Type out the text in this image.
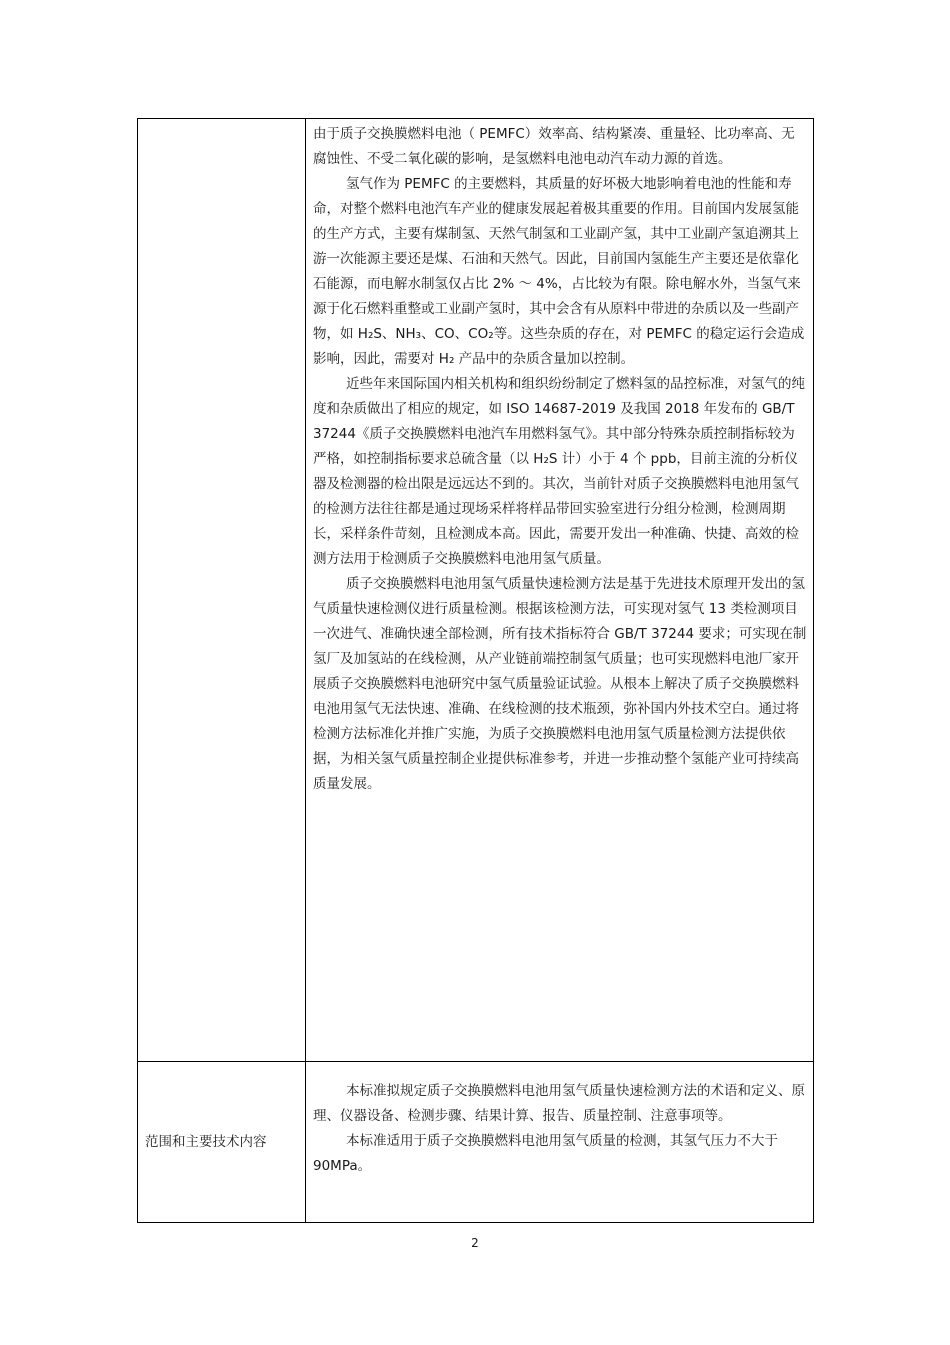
	由于质子交换膜燃料电池（ PEMFC）效率高、结构紧凑、重量轻、比功率高、无腐蚀性、不受二氧化碳的影响，是氢燃料电池电动汽车动力源的首选。

氢气作为 PEMFC 的主要燃料，其质量的好坏极大地影响着电池的性能和寿命，对整个燃料电池汽车产业的健康发展起着极其重要的作用。目前国内发展氢能的生产方式，主要有煤制氢、天然气制氢和工业副产氢，其中工业副产氢追溯其上游一次能源主要还是煤、石油和天然气。因此，目前国内氢能生产主要还是依靠化石能源，而电解水制氢仅占比 2% ～ 4%，占比较为有限。除电解水外，当氢气来源于化石燃料重整或工业副产氢时，其中会含有从原料中带进的杂质以及一些副产物，如 H₂S、NH₃、CO、CO₂等。这些杂质的存在，对 PEMFC 的稳定运行会造成影响，因此，需要对 H₂ 产品中的杂质含量加以控制。

近些年来国际国内相关机构和组织纷纷制定了燃料氢的品控标准，对氢气的纯度和杂质做出了相应的规定，如 ISO 14687-2019 及我国 2018 年发布的 GB/T 37244《质子交换膜燃料电池汽车用燃料氢气》。其中部分特殊杂质控制指标较为严格，如控制指标要求总硫含量（以 H₂S 计）小于 4 个 ppb，目前主流的分析仪器及检测器的检出限是远远达不到的。其次，当前针对质子交换膜燃料电池用氢气的检测方法往往都是通过现场采样将样品带回实验室进行分组分检测，检测周期长，采样条件苛刻，且检测成本高。因此，需要开发出一种准确、快捷、高效的检测方法用于检测质子交换膜燃料电池用氢气质量。

质子交换膜燃料电池用氢气质量快速检测方法是基于先进技术原理开发出的氢气质量快速检测仪进行质量检测。根据该检测方法，可实现对氢气 13 类检测项目一次进气、准确快速全部检测，所有技术指标符合 GB/T 37244 要求；可实现在制氢厂及加氢站的在线检测，从产业链前端控制氢气质量；也可实现燃料电池厂家开展质子交换膜燃料电池研究中氢气质量验证试验。从根本上解决了质子交换膜燃料电池用氢气无法快速、准确、在线检测的技术瓶颈，弥补国内外技术空白。通过将检测方法标准化并推广实施，为质子交换膜燃料电池用氢气质量检测方法提供依据，为相关氢气质量控制企业提供标准参考，并进一步推动整个氢能产业可持续高质量发展。

范围和主要技术内容	本标准拟规定质子交换膜燃料电池用氢气质量快速检测方法的术语和定义、原理、仪器设备、检测步骤、结果计算、报告、质量控制、注意事项等。

本标准适用于质子交换膜燃料电池用氢气质量的检测，其氢气压力不大于 90MPa。

2
